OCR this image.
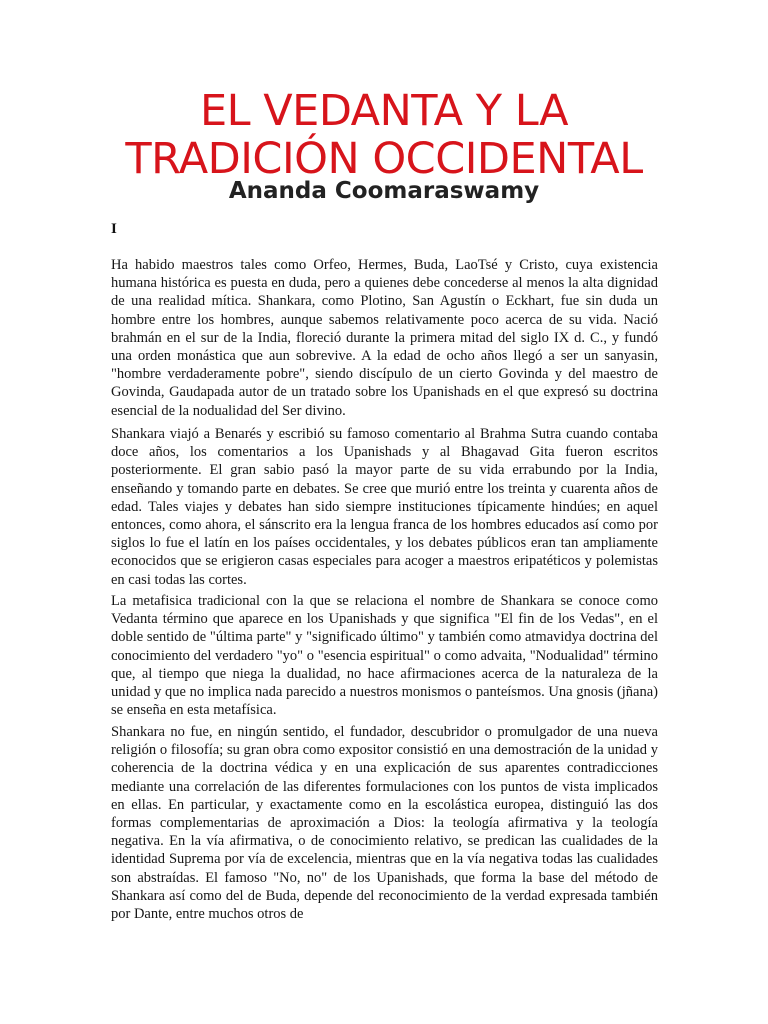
EL VEDANTA Y LA
TRADICIÓN OCCIDENTAL
Ananda Coomaraswamy
I

Ha habido maestros tales como Orfeo, Hermes, Buda, LaoTsé y Cristo, cuya existencia humana histórica es puesta en duda, pero a quienes debe concederse al menos la alta dignidad de una realidad mítica. Shankara, como Plotino, San Agustín o Eckhart, fue sin duda un hombre entre los hombres, aunque sabemos relativamente poco acerca de su vida. Nació brahmán en el sur de la India, floreció durante la primera mitad del siglo IX d. C., y fundó una orden monástica que aun sobrevive. A la edad de ocho años llegó a ser un sanyasin, "hombre verdaderamente pobre", siendo discípulo de un cierto Govinda y del maestro de Govinda, Gaudapada autor de un tratado sobre los Upanishads en el que expresó su doctrina esencial de la nodualidad del Ser divino.

Shankara viajó a Benarés y escribió su famoso comentario al Brahma Sutra cuando contaba doce años, los comentarios a los Upanishads y al Bhagavad Gita fueron escritos posteriormente. El gran sabio pasó la mayor parte de su vida errabundo por la India, enseñando y tomando parte en debates. Se cree que murió entre los treinta y cuarenta años de edad. Tales viajes y debates han sido siempre instituciones típicamente hindúes; en aquel entonces, como ahora, el sánscrito era la lengua franca de los hombres educados así como por siglos lo fue el latín en los países occidentales, y los debates públicos eran tan ampliamente econocidos que se erigieron casas especiales para acoger a maestros eripatéticos y polemistas en casi todas las cortes.

La metafisica tradicional con la que se relaciona el nombre de Shankara se conoce como Vedanta término que aparece en los Upanishads y que significa "El fin de los Vedas", en el doble sentido de "última parte" y "significado último" y también como atmavidya doctrina del conocimiento del verdadero "yo" o "esencia espiritual" o como advaita, "Nodualidad" término que, al tiempo que niega la dualidad, no hace afirmaciones acerca de la naturaleza de la unidad y que no implica nada parecido a nuestros monismos o panteísmos. Una gnosis (jñana) se enseña en esta metafísica.

Shankara no fue, en ningún sentido, el fundador, descubridor o promulgador de una nueva religión o filosofía; su gran obra como expositor consistió en una demostración de la unidad y coherencia de la doctrina védica y en una explicación de sus aparentes contradicciones mediante una correlación de las diferentes formulaciones con los puntos de vista implicados en ellas. En particular, y exactamente como en la escolástica europea, distinguió las dos formas complementarias de aproximación a Dios: la teología afirmativa y la teología negativa. En la vía afirmativa, o de conocimiento relativo, se predican las cualidades de la identidad Suprema por vía de excelencia, mientras que en la vía negativa todas las cualidades son abstraídas. El famoso "No, no" de los Upanishads, que forma la base del método de Shankara así como del de Buda, depende del reconocimiento de la verdad expresada también por Dante, entre muchos otros de
